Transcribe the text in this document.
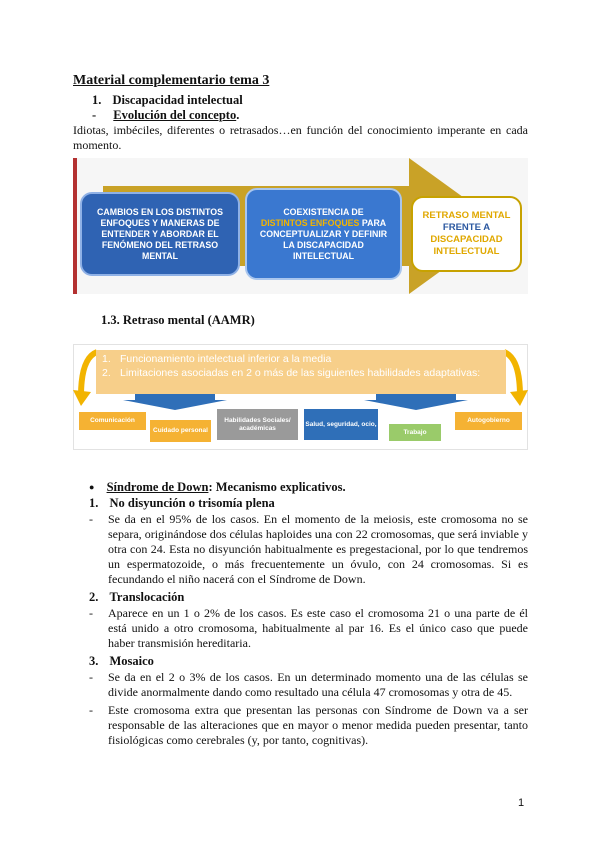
Material complementario tema 3
1. Discapacidad intelectual
- Evolución del concepto.
Idiotas, imbéciles, diferentes o retrasados…en función del conocimiento imperante en cada momento.
CAMBIOS EN LOS DISTINTOS ENFOQUES Y MANERAS DE ENTENDER Y ABORDAR EL FENÓMENO DEL RETRASO MENTAL
COEXISTENCIA DE
DISTINTOS ENFOQUES PARA CONCEPTUALIZAR Y DEFINIR LA DISCAPACIDAD INTELECTUAL
RETRASO MENTAL
FRENTE A
DISCAPACIDAD INTELECTUAL
1.3. Retraso mental (AAMR)
1. Funcionamiento intelectual inferior a la media
2. Limitaciones asociadas en 2 o más de las siguientes habilidades adaptativas:
Comunicación
Cuidado personal
Habilidades Sociales/ académicas
Salud, seguridad, ocio,
Trabajo
Autogobierno
● Síndrome de Down: Mecanismo explicativos.
1. No disyunción o trisomía plena
- Se da en el 95% de los casos. En el momento de la meiosis, este cromosoma no se separa, originándose dos células haploides una con 22 cromosomas, que será inviable y otra con 24. Esta no disyunción habitualmente es pregestacional, por lo que tendremos un espermatozoide, o más frecuentemente un óvulo, con 24 cromosomas. Si es fecundando el niño nacerá con el Síndrome de Down.
2. Translocación
- Aparece en un 1 o 2% de los casos. Es este caso el cromosoma 21 o una parte de él está unido a otro cromosoma, habitualmente al par 16. Es el único caso que puede haber transmisión hereditaria.
3. Mosaico
- Se da en el 2 o 3% de los casos. En un determinado momento una de las células se divide anormalmente dando como resultado una célula 47 cromosomas y otra de 45.
- Este cromosoma extra que presentan las personas con Síndrome de Down va a ser responsable de las alteraciones que en mayor o menor medida pueden presentar, tanto fisiológicas como cerebrales (y, por tanto, cognitivas).
1
